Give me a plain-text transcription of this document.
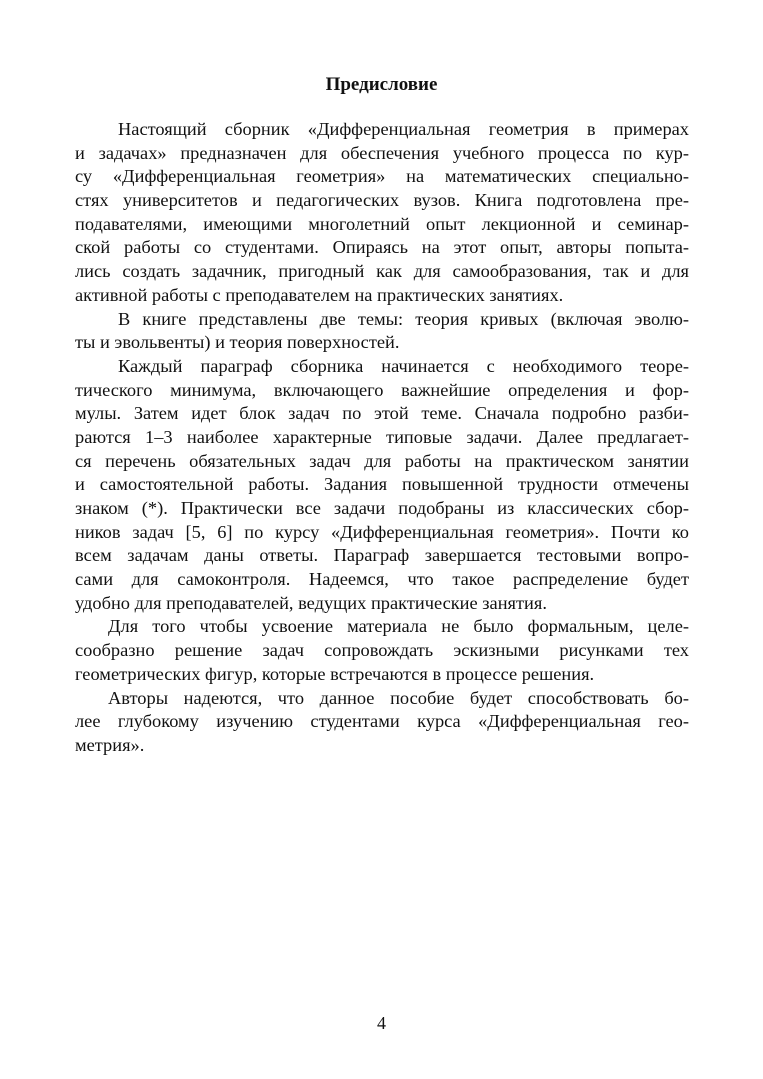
Предисловие
Настоящий сборник «Дифференциальная геометрия в примерах
и задачах» предназначен для обеспечения учебного процесса по кур-
су «Дифференциальная геометрия» на математических специально-
стях университетов и педагогических вузов. Книга подготовлена пре-
подавателями, имеющими многолетний опыт лекционной и семинар-
ской работы со студентами. Опираясь на этот опыт, авторы попыта-
лись создать задачник, пригодный как для самообразования, так и для
активной работы с преподавателем на практических занятиях.
В книге представлены две темы: теория кривых (включая эволю-
ты и эвольвенты) и теория поверхностей.
Каждый параграф сборника начинается с необходимого теоре-
тического минимума, включающего важнейшие определения и фор-
мулы. Затем идет блок задач по этой теме. Сначала подробно разби-
раются 1–3 наиболее характерные типовые задачи. Далее предлагает-
ся перечень обязательных задач для работы на практическом занятии
и самостоятельной работы. Задания повышенной трудности отмечены
знаком (*). Практически все задачи подобраны из классических сбор-
ников задач [5, 6] по курсу «Дифференциальная геометрия». Почти ко
всем задачам даны ответы. Параграф завершается тестовыми вопро-
сами для самоконтроля. Надеемся, что такое распределение будет
удобно для преподавателей, ведущих практические занятия.
Для того чтобы усвоение материала не было формальным, целе-
сообразно решение задач сопровождать эскизными рисунками тех
геометрических фигур, которые встречаются в процессе решения.
Авторы надеются, что данное пособие будет способствовать бо-
лее глубокому изучению студентами курса «Дифференциальная гео-
метрия».
4
